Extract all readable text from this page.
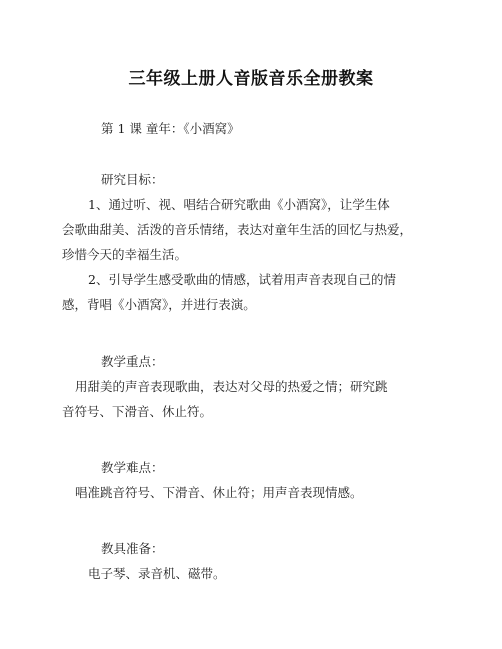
三年级上册人音版音乐全册教案
第 1 课 童年：《小酒窝》
研究目标：
1、通过听、视、唱结合研究歌曲《小酒窝》，让学生体
会歌曲甜美、活泼的音乐情绪，表达对童年生活的回忆与热爱，
珍惜今天的幸福生活。
2、引导学生感受歌曲的情感，试着用声音表现自己的情
感，背唱《小酒窝》，并进行表演。
教学重点：
用甜美的声音表现歌曲，表达对父母的热爱之情；研究跳
音符号、下滑音、休止符。
教学难点：
唱准跳音符号、下滑音、休止符；用声音表现情感。
教具准备：
电子琴、录音机、磁带。
